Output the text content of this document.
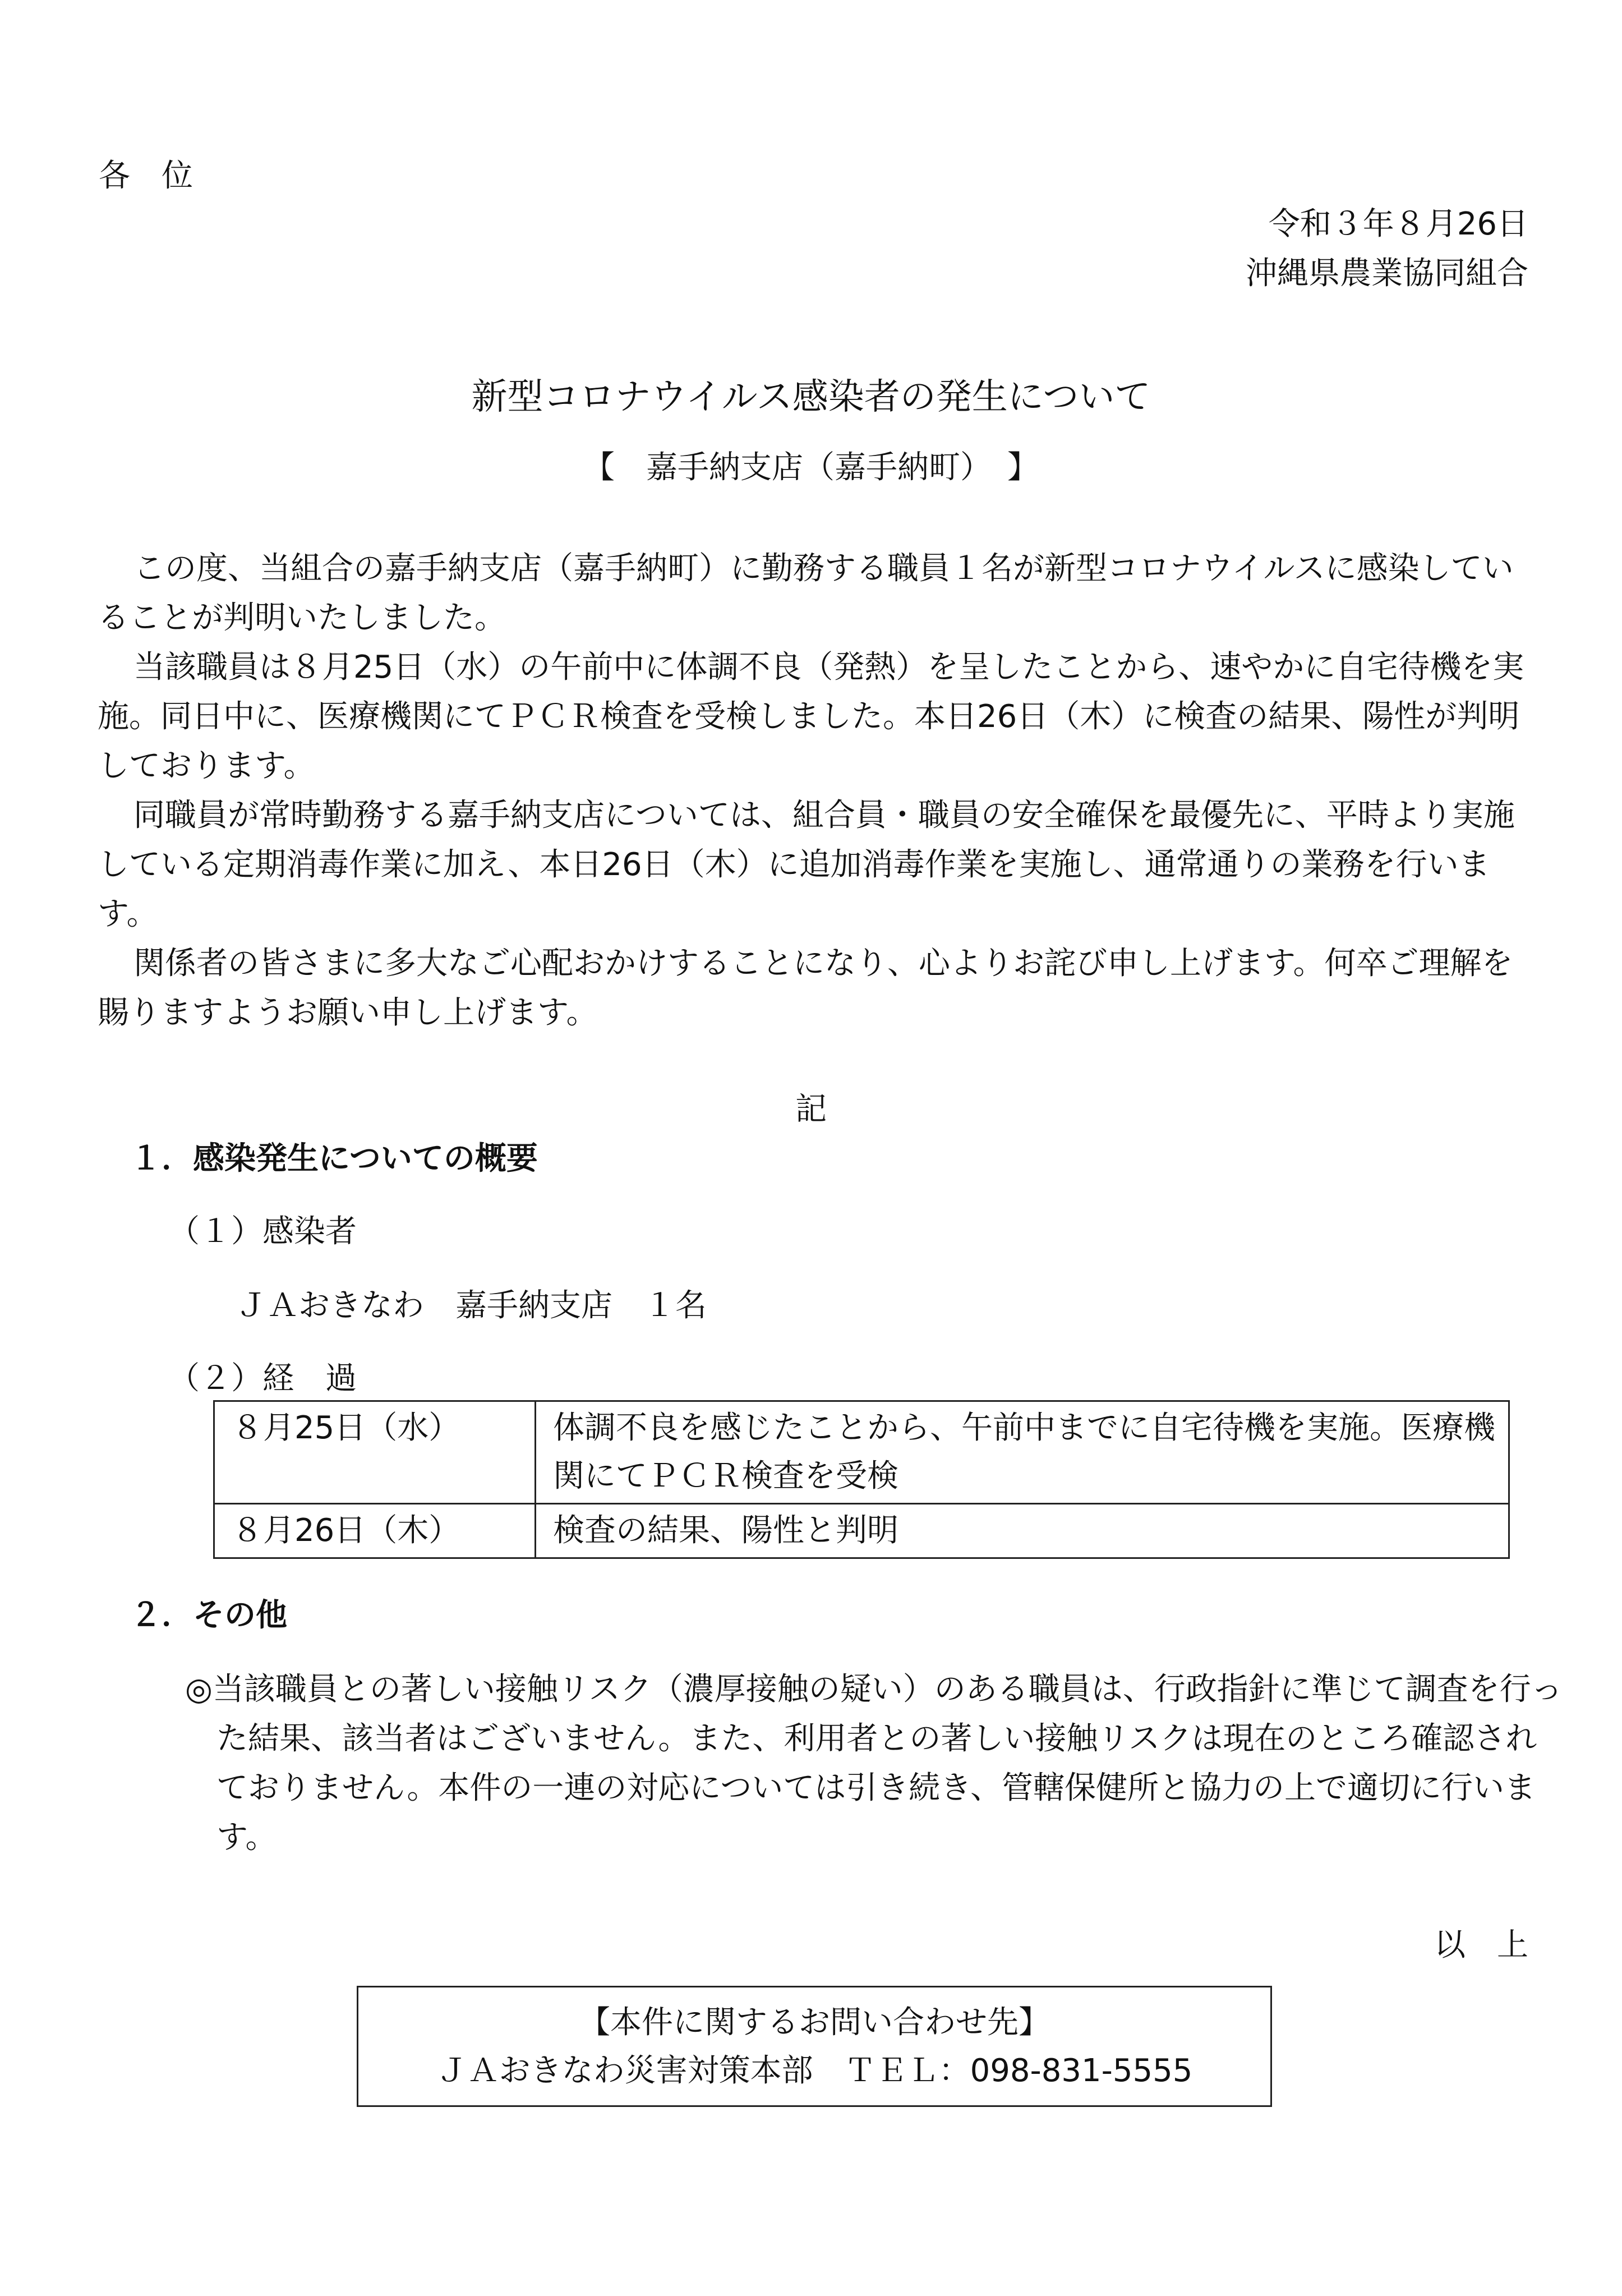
各　位

令和３年８月26日

沖縄県農業協同組合

新型コロナウイルス感染者の発生について

【　嘉手納支店（嘉手納町）　】

この度、当組合の嘉手納支店（嘉手納町）に勤務する職員１名が新型コロナウイルスに感染していることが判明いたしました。
当該職員は８月25日（水）の午前中に体調不良（発熱）を呈したことから、速やかに自宅待機を実施。同日中に、医療機関にてＰＣＲ検査を受検しました。本日26日（木）に検査の結果、陽性が判明しております。
同職員が常時勤務する嘉手納支店については、組合員・職員の安全確保を最優先に、平時より実施している定期消毒作業に加え、本日26日（木）に追加消毒作業を実施し、通常通りの業務を行います。
関係者の皆さまに多大なご心配おかけすることになり、心よりお詫び申し上げます。何卒ご理解を賜りますようお願い申し上げます。

記

１．感染発生についての概要

（１）感染者

ＪＡおきなわ　嘉手納支店　１名

（２）経　過

８月25日（水）	体調不良を感じたことから、午前中までに自宅待機を実施。医療機関にてＰＣＲ検査を受検
８月26日（木）	検査の結果、陽性と判明

２．その他

◎当該職員との著しい接触リスク（濃厚接触の疑い）のある職員は、行政指針に準じて調査を行った結果、該当者はございません。また、利用者との著しい接触リスクは現在のところ確認されておりません。本件の一連の対応については引き続き、管轄保健所と協力の上で適切に行います。

以　上

【本件に関するお問い合わせ先】
ＪＡおきなわ災害対策本部　ＴＥＬ：098-831-5555
